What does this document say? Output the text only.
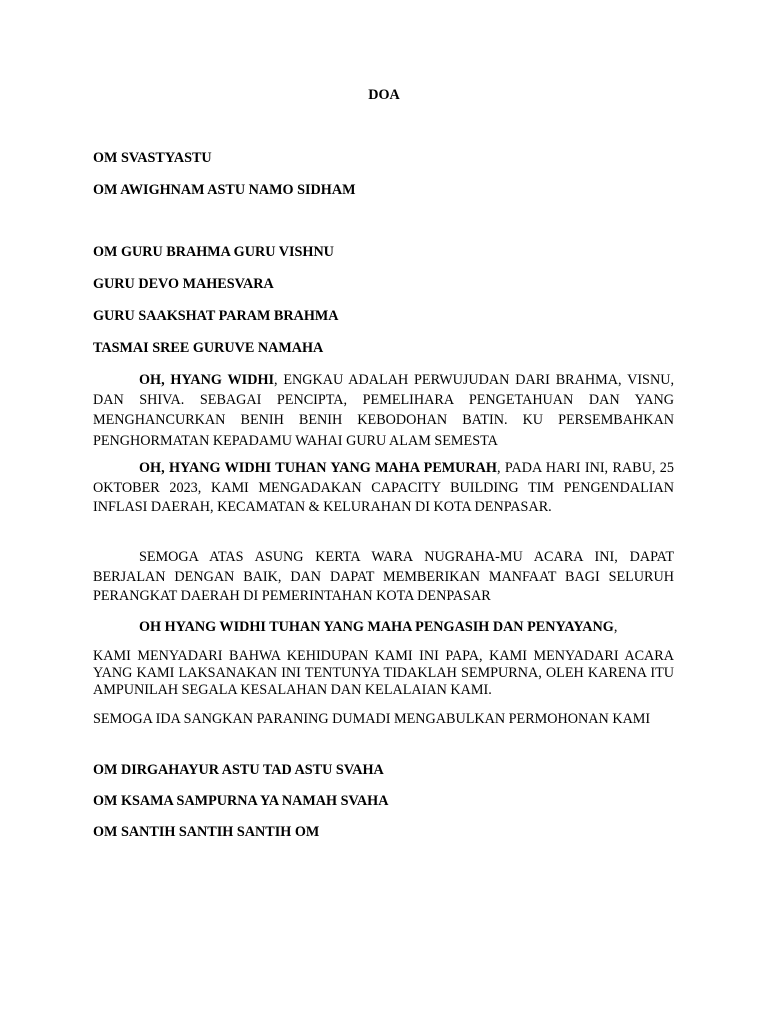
DOA

OM SVASTYASTU

OM AWIGHNAM ASTU NAMO SIDHAM

OM GURU BRAHMA GURU VISHNU

GURU DEVO MAHESVARA

GURU SAAKSHAT PARAM BRAHMA

TASMAI SREE GURUVE NAMAHA

OH, HYANG WIDHI, ENGKAU ADALAH PERWUJUDAN DARI BRAHMA, VISNU, DAN SHIVA. SEBAGAI PENCIPTA, PEMELIHARA PENGETAHUAN DAN YANG MENGHANCURKAN BENIH BENIH KEBODOHAN BATIN. KU PERSEMBAHKAN PENGHORMATAN KEPADAMU WAHAI GURU ALAM SEMESTA

OH, HYANG WIDHI TUHAN YANG MAHA PEMURAH, PADA HARI INI, RABU, 25 OKTOBER 2023, KAMI MENGADAKAN CAPACITY BUILDING TIM PENGENDALIAN INFLASI DAERAH, KECAMATAN & KELURAHAN DI KOTA DENPASAR.

SEMOGA ATAS ASUNG KERTA WARA NUGRAHA-MU ACARA INI, DAPAT BERJALAN DENGAN BAIK, DAN DAPAT MEMBERIKAN MANFAAT BAGI SELURUH PERANGKAT DAERAH DI PEMERINTAHAN KOTA DENPASAR

OH HYANG WIDHI TUHAN YANG MAHA PENGASIH DAN PENYAYANG,

KAMI MENYADARI BAHWA KEHIDUPAN KAMI INI PAPA, KAMI MENYADARI ACARA YANG KAMI LAKSANAKAN INI TENTUNYA TIDAKLAH SEMPURNA, OLEH KARENA ITU AMPUNILAH SEGALA KESALAHAN DAN KELALAIAN KAMI.

SEMOGA IDA SANGKAN PARANING DUMADI MENGABULKAN PERMOHONAN KAMI

OM DIRGAHAYUR ASTU TAD ASTU SVAHA

OM KSAMA SAMPURNA YA NAMAH SVAHA

OM SANTIH SANTIH SANTIH OM
